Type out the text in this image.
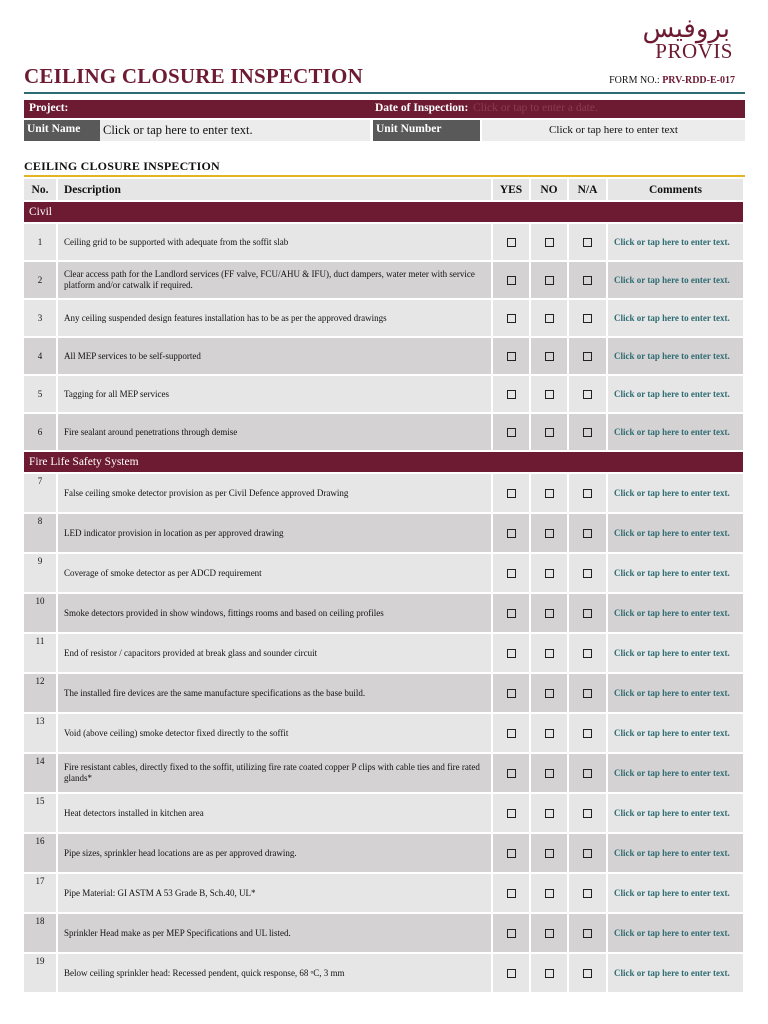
بروفيس
PROVIS
CEILING CLOSURE INSPECTION	FORM NO.: PRV-RDD-E-017
Project:	Date of Inspection: Click or tap to enter a date.
Unit Name Click or tap here to enter text.	Unit Number	Click or tap here to enter text
CEILING CLOSURE INSPECTION
No.	Description	YES	NO	N/A	Comments
Civil					
1	Ceiling grid to be supported with adequate from the soffit slab				Click or tap here to enter text.
2	Clear access path for the Landlord services (FF valve, FCU/AHU & IFU), duct dampers, water meter with service platform and/or catwalk if required.				Click or tap here to enter text.
3	Any ceiling suspended design features installation has to be as per the approved drawings				Click or tap here to enter text.
4	All MEP services to be self-supported				Click or tap here to enter text.
5	Tagging for all MEP services				Click or tap here to enter text.
6	Fire sealant around penetrations through demise				Click or tap here to enter text.
Fire Life Safety System					
7	False ceiling smoke detector provision as per Civil Defence approved Drawing				Click or tap here to enter text.
8	LED indicator provision in location as per approved drawing				Click or tap here to enter text.
9	Coverage of smoke detector as per ADCD requirement				Click or tap here to enter text.
10	Smoke detectors provided in show windows, fittings rooms and based on ceiling profiles				Click or tap here to enter text.
11	End of resistor / capacitors provided at break glass and sounder circuit				Click or tap here to enter text.
12	The installed fire devices are the same manufacture specifications as the base build.				Click or tap here to enter text.
13	Void (above ceiling) smoke detector fixed directly to the soffit				Click or tap here to enter text.
14	Fire resistant cables, directly fixed to the soffit, utilizing fire rate coated copper P clips with cable ties and fire rated glands*				Click or tap here to enter text.
15	Heat detectors installed in kitchen area				Click or tap here to enter text.
16	Pipe sizes, sprinkler head locations are as per approved drawing.				Click or tap here to enter text.
17	Pipe Material: GI ASTM A 53 Grade B, Sch.40, UL*				Click or tap here to enter text.
18	Sprinkler Head make as per MEP Specifications and UL listed.				Click or tap here to enter text.
19	Below ceiling sprinkler head: Recessed pendent, quick response, 68 ᵒC, 3 mm				Click or tap here to enter text.
